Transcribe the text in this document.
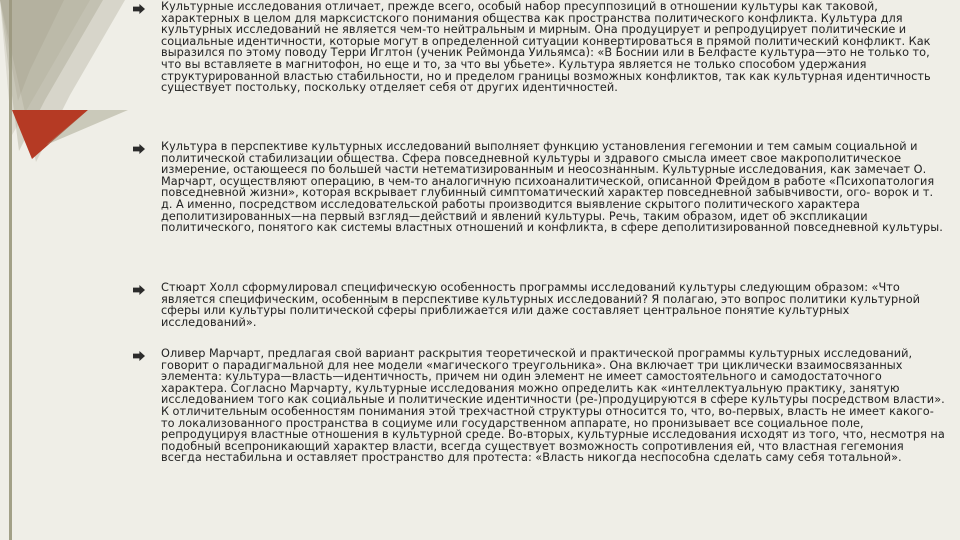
Культурные исследования отличает, прежде всего, особый набор пресуппозиций в отношении культуры как таковой, характерных в целом для марксистского понимания общества как пространства политического конфликта. Культура для культурных исследований не является чем-то нейтральным и мирным. Она продуцирует и репродуцирует политические и социальные идентичности, которые могут в определенной ситуации конвертироваться в прямой политический конфликт. Как выразился по этому поводу Терри Иглтон (ученик Реймонда Уильямса): «В Боснии или в Белфасте культура—это не только то, что вы вставляете в магнитофон, но еще и то, за что вы убьете». Культура является не только способом удержания структурированной властью стабильности, но и пределом границы возможных конфликтов, так как культурная идентичность существует постольку, поскольку отделяет себя от других идентичностей.
Культура в перспективе культурных исследований выполняет функцию установления гегемонии и тем самым социальной и политической стабилизации общества. Сфера повседневной культуры и здравого смысла имеет свое макрополитическое измерение, остающееся по большей части нетематизированным и неосознанным. Культурные исследования, как замечает О. Марчарт, осуществляют операцию, в чем-то аналогичную психоаналитической, описанной Фрейдом в работе «Психопатология повседневной жизни», которая вскрывает глубинный симптоматический характер повседневной забывчивости, ого- ворок и т. д. А именно, посредством исследовательской работы производится выявление скрытого политического характера деполитизированных—на первый взгляд—действий и явлений культуры. Речь, таким образом, идет об экспликации политического, понятого как системы властных отношений и конфликта, в сфере деполитизированной повседневной культуры.
Стюарт Холл сформулировал специфическую особенность программы исследований культуры следующим образом: «Что является специфическим, особенным в перспективе культурных исследований? Я полагаю, это вопрос политики культурной сферы или культуры политической сферы приближается или даже составляет центральное понятие культурных исследований».
Оливер Марчарт, предлагая свой вариант раскрытия теоретической и практической программы культурных исследований, говорит о парадигмальной для нее модели «магического треугольника». Она включает три циклически взаимосвязанных элемента: культура—власть—идентичность, причем ни один элемент не имеет самостоятельного и самодостаточного характера. Согласно Марчарту, культурные исследования можно определить как «интеллектуальную практику, занятую исследованием того как социальные и политические идентичности (ре-)продуцируются в сфере культуры посредством власти». К отличительным особенностям понимания этой трехчастной структуры относится то, что, во-первых, власть не имеет какого-то локализованного пространства в социуме или государственном аппарате, но пронизывает все социальное поле, репродуцируя властные отношения в культурной среде. Во-вторых, культурные исследования исходят из того, что, несмотря на подобный всепроникающий характер власти, всегда существует возможность сопротивления ей, что властная гегемония всегда нестабильна и оставляет пространство для протеста: «Власть никогда неспособна сделать саму себя тотальной».
